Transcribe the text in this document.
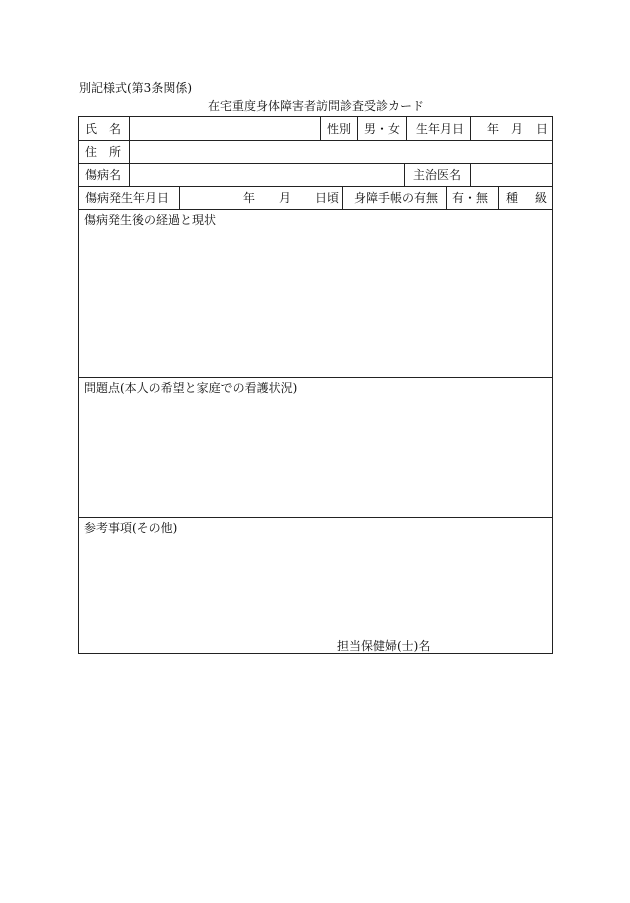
別記様式(第3条関係)
在宅重度身体障害者訪問診査受診カード
氏　名	性別 男・女 生年月日 年 月 日
住　所
傷病名	主治医名
傷病発生年月日	年 月 日頃 身障手帳の有無 有・無 種 級
傷病発生後の経過と現状
問題点(本人の希望と家庭での看護状況)
参考事項(その他)
担当保健婦(士)名
